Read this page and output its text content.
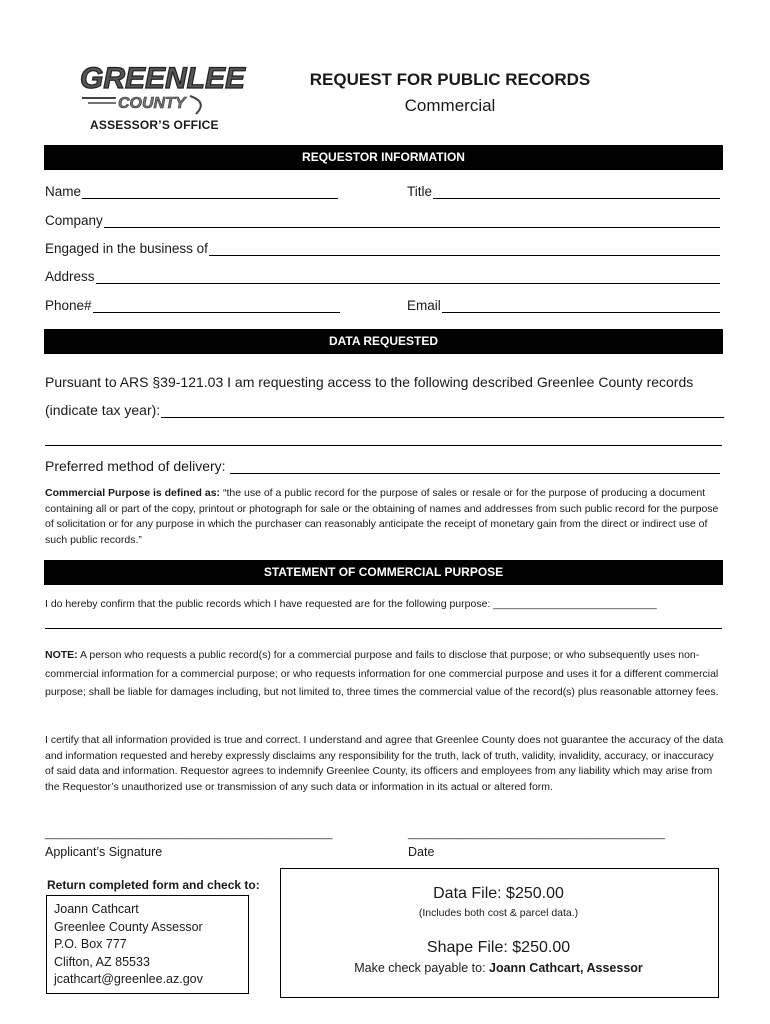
GREENLEE
COUNTY
ASSESSOR’S OFFICE
REQUEST FOR PUBLIC RECORDS
Commercial
REQUESTOR INFORMATION
Name	Title
Company
Engaged in the business of
Address
Phone#	Email
DATA REQUESTED
Pursuant to ARS §39-121.03 I am requesting access to the following described Greenlee County records
(indicate tax year):
Preferred method of delivery:
Commercial Purpose is defined as: “the use of a public record for the purpose of sales or resale or for the purpose of producing a document containing all or part of the copy, printout or photograph for sale or the obtaining of names and addresses from such public record for the purpose of solicitation or for any purpose in which the purchaser can reasonably anticipate the receipt of monetary gain from the direct or indirect use of such public records.”
STATEMENT OF COMMERCIAL PURPOSE
I do hereby confirm that the public records which I have requested are for the following purpose: ____________________________
NOTE: A person who requests a public record(s) for a commercial purpose and fails to disclose that purpose; or who subsequently uses non-commercial information for a commercial purpose; or who requests information for one commercial purpose and uses it for a different commercial purpose; shall be liable for damages including, but not limited to, three times the commercial value of the record(s) plus reasonable attorney fees.
I certify that all information provided is true and correct. I understand and agree that Greenlee County does not guarantee the accuracy of the data and information requested and hereby expressly disclaims any responsibility for the truth, lack of truth, validity, invalidity, accuracy, or inaccuracy of said data and information. Requestor agrees to indemnify Greenlee County, its officers and employees from any liability which may arise from the Requestor’s unauthorized use or transmission of any such data or information in its actual or altered form.
_______________________________________________
Applicant’s Signature
__________________________________________
Date
Return completed form and check to:
Joann Cathcart
Greenlee County Assessor
P.O. Box 777
Clifton, AZ 85533
jcathcart@greenlee.az.gov
Data File: $250.00
(Includes both cost & parcel data.)
Shape File: $250.00
Make check payable to: Joann Cathcart, Assessor
